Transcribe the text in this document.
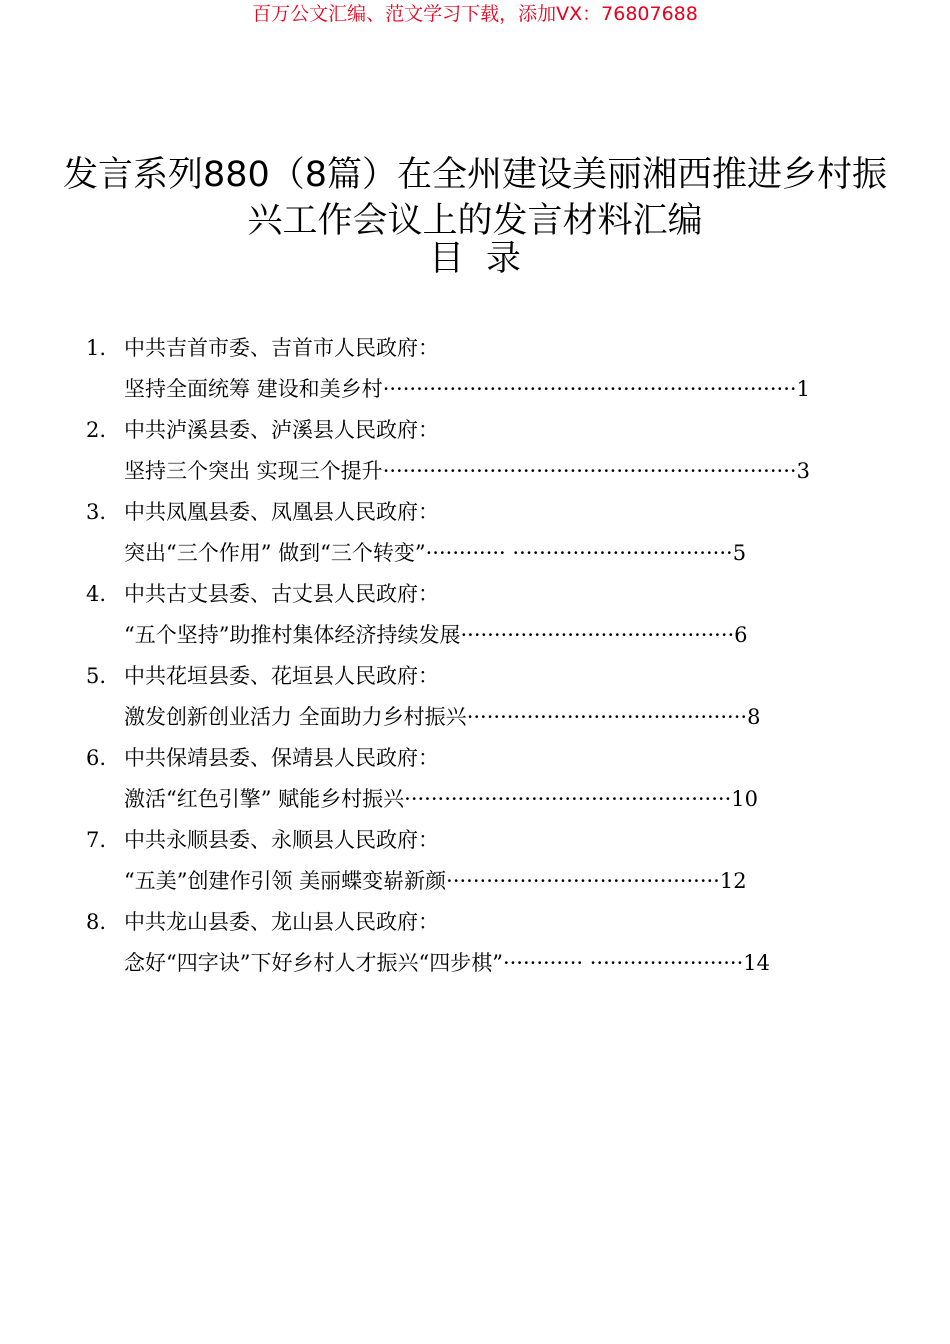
百万公文汇编、范文学习下载，添加VX：76807688
发言系列880（8篇）在全州建设美丽湘西推进乡村振
兴工作会议上的发言材料汇编
目录
1. 中共吉首市委、吉首市人民政府：
坚持全面统筹 建设和美乡村 ······························································ 1
2. 中共泸溪县委、泸溪县人民政府：
坚持三个突出 实现三个提升 ······························································ 3
3. 中共凤凰县委、凤凰县人民政府：
突出“三个作用” 做到“三个转变” ············ ································· 5
4. 中共古丈县委、古丈县人民政府：
“五个坚持”助推村集体经济持续发展 ········································· 6
5. 中共花垣县委、花垣县人民政府：
激发创新创业活力 全面助力乡村振兴 ·········································· 8
6. 中共保靖县委、保靖县人民政府：
激活“红色引擎” 赋能乡村振兴 ················································· 10
7. 中共永顺县委、永顺县人民政府：
“五美”创建作引领 美丽蝶变崭新颜 ········································· 12
8. 中共龙山县委、龙山县人民政府：
念好“四字诀”下好乡村人才振兴“四步棋” ············ ······················· 14
